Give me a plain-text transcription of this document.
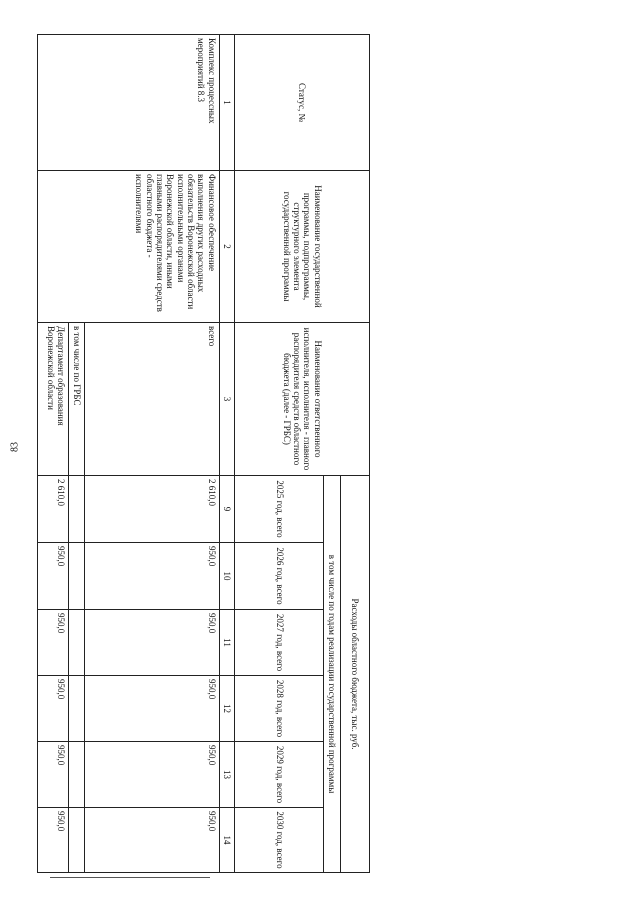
83
Статус, №	Наименование государственной программы, подпрограммы, структурного элемента государственной программы	Наименование ответственного исполнителя, исполнителя - главного распорядителя средств областного бюджета (далее - ГРБС)	Расходы областного бюджета, тыс. руб.					
			в том числе по годам реализации государственной программы					
			2025 год, всего	2026 год, всего	2027 год, всего	2028 год, всего	2029 год, всего	2030 год, всего
1	2	3	9	10	11	12	13	14
Комплекс процессных мероприятий 8.3	Финансовое обеспечение выполнения других расходных обязательств Воронежской области исполнительными органами Воронежской области, иными главными распорядителями средств областного бюджета - исполнителями	всего	2 610,0	950,0	950,0	950,0	950,0	950,0
		в том числе по ГРБС						
		Департамент образования Воронежской области	2 610,0	950,0	950,0	950,0	950,0	950,0
